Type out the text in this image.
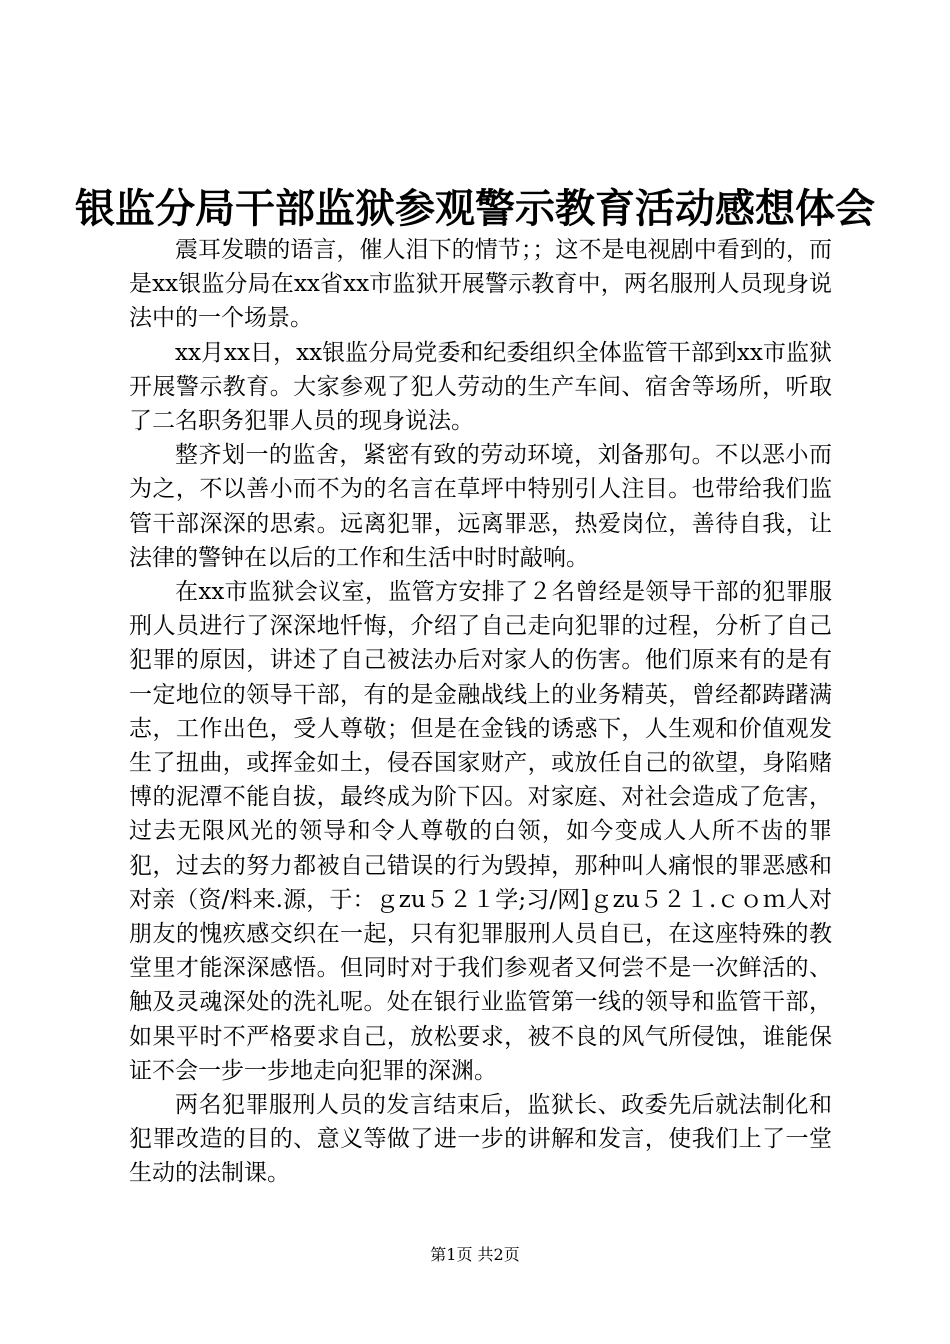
银监分局干部监狱参观警示教育活动感想体会

震耳发聩的语言，催人泪下的情节；；这不是电视剧中看到的，而是xx银监分局在xx省xx市监狱开展警示教育中，两名服刑人员现身说法中的一个场景。

xx月xx日，xx银监分局党委和纪委组织全体监管干部到xx市监狱开展警示教育。大家参观了犯人劳动的生产车间、宿舍等场所，听取了二名职务犯罪人员的现身说法。

整齐划一的监舍，紧密有致的劳动环境，刘备那句。不以恶小而为之，不以善小而不为的名言在草坪中特别引人注目。也带给我们监管干部深深的思索。远离犯罪，远离罪恶，热爱岗位，善待自我，让法律的警钟在以后的工作和生活中时时敲响。

在xx市监狱会议室，监管方安排了２名曾经是领导干部的犯罪服刑人员进行了深深地忏悔，介绍了自己走向犯罪的过程，分析了自己犯罪的原因，讲述了自己被法办后对家人的伤害。他们原来有的是有一定地位的领导干部，有的是金融战线上的业务精英，曾经都踌躇满志，工作出色，受人尊敬；但是在金钱的诱惑下，人生观和价值观发生了扭曲，或挥金如土，侵吞国家财产，或放任自己的欲望，身陷赌博的泥潭不能自拔，最终成为阶下囚。对家庭、对社会造成了危害，过去无限风光的领导和令人尊敬的白领，如今变成人人所不齿的罪犯，过去的努力都被自己错误的行为毁掉，那种叫人痛恨的罪恶感和对亲（资/料来.源，于：ｇzu５２１学;习/网]ｇzu５２１.ｃｏｍ人对朋友的愧疚感交织在一起，只有犯罪服刑人员自已，在这座特殊的教堂里才能深深感悟。但同时对于我们参观者又何尝不是一次鲜活的、触及灵魂深处的洗礼呢。处在银行业监管第一线的领导和监管干部，如果平时不严格要求自己，放松要求，被不良的风气所侵蚀，谁能保证不会一步一步地走向犯罪的深渊。

两名犯罪服刑人员的发言结束后，监狱长、政委先后就法制化和犯罪改造的目的、意义等做了进一步的讲解和发言，使我们上了一堂生动的法制课。

第1页 共2页
